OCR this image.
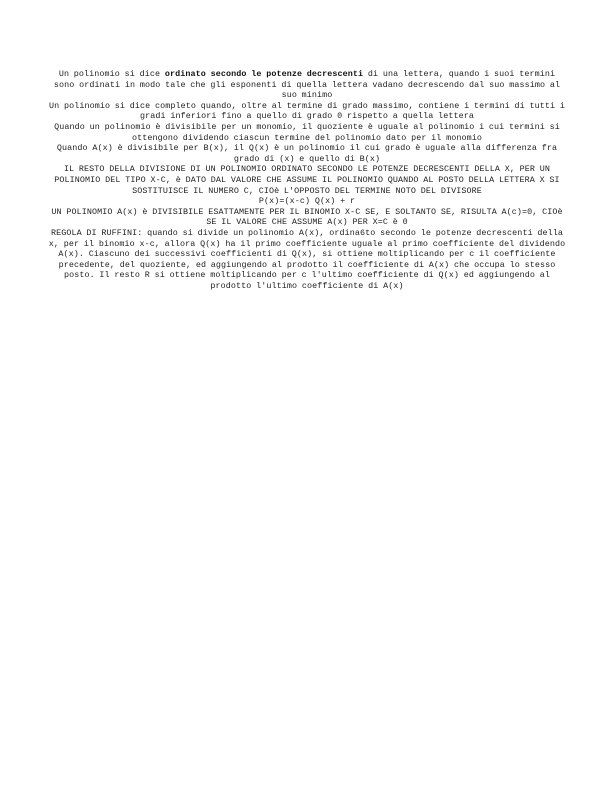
Un polinomio si dice ordinato secondo le potenze decrescenti di una lettera, quando i suoi termini sono ordinati in modo tale che gli esponenti di quella lettera vadano decrescendo dal suo massimo al suo minimo

Un polinomio si dice completo quando, oltre al termine di grado massimo, contiene i termini di tutti i gradi inferiori fino a quello di grado 0 rispetto a quella lettera

Quando un polinomio è divisibile per un monomio, il quoziente è uguale al polinomio i cui termini si ottengono dividendo ciascun termine del polinomio dato per il monomio

Quando A(x) è divisibile per B(x), il Q(x) è un polinomio il cui grado è uguale alla differenza fra grado di (x) e quello di B(x)

IL RESTO DELLA DIVISIONE DI UN POLINOMIO ORDINATO SECONDO LE POTENZE DECRESCENTI DELLA X, PER UN POLINOMIO DEL TIPO X-C, è DATO DAL VALORE CHE ASSUME IL POLINOMIO QUANDO AL POSTO DELLA LETTERA X SI SOSTITUISCE IL NUMERO C, CIOè L'OPPOSTO DEL TERMINE NOTO DEL DIVISORE

P(x)=(x-c) Q(x) + r

UN POLINOMIO A(x) è DIVISIBILE ESATTAMENTE PER IL BINOMIO X-C SE, E SOLTANTO SE, RISULTA A(c)=0, CIOè SE IL VALORE CHE ASSUME A(x) PER X=C è 0

REGOLA DI RUFFINI: quando si divide un polinomio A(x), ordina6to secondo le potenze decrescenti della x, per il binomio x-c, allora Q(x) ha il primo coefficiente uguale al primo coefficiente del dividendo A(x). Ciascuno dei successivi coefficienti di Q(x), si ottiene moltiplicando per c il coefficiente precedente, del quoziente, ed aggiungendo al prodotto il coefficiente di A(x) che occupa lo stesso posto. Il resto R si ottiene moltiplicando per c l'ultimo coefficiente di Q(x) ed aggiungendo al prodotto l'ultimo coefficiente di A(x)
